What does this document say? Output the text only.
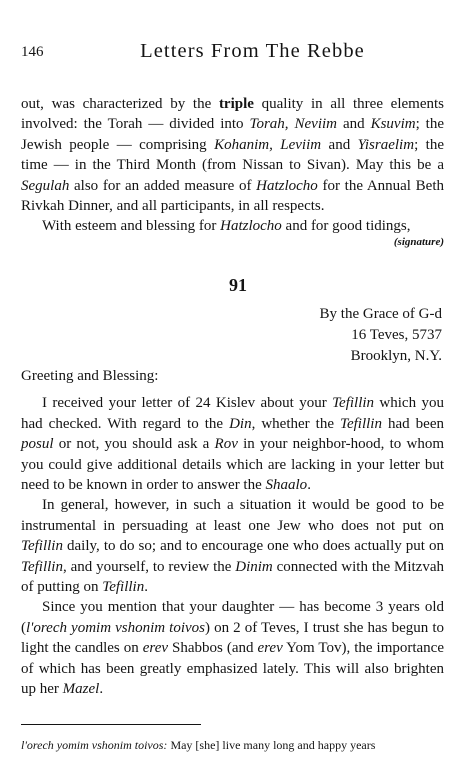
146	Letters From The Rebbe

out, was characterized by the triple quality in all three elements involved: the Torah — divided into Torah, Neviim and Ksuvim; the Jewish people — comprising Kohanim, Leviim and Yisraelim; the time — in the Third Month (from Nissan to Sivan). May this be a Segulah also for an added measure of Hatzlocho for the Annual Beth Rivkah Dinner, and all participants, in all respects.

With esteem and blessing for Hatzlocho and for good tidings,

(signature)
91
By the Grace of G-d
16 Teves, 5737
Brooklyn, N.Y.

Greeting and Blessing:

I received your letter of 24 Kislev about your Tefillin which you had checked. With regard to the Din, whether the Tefillin had been posul or not, you should ask a Rov in your neighbor-hood, to whom you could give additional details which are lacking in your letter but need to be known in order to answer the Shaalo.

In general, however, in such a situation it would be good to be instrumental in persuading at least one Jew who does not put on Tefillin daily, to do so; and to encourage one who does actually put on Tefillin, and yourself, to review the Dinim connected with the Mitzvah of putting on Tefillin.

Since you mention that your daughter — has become 3 years old (l'orech yomim vshonim toivos) on 2 of Teves, I trust she has begun to light the candles on erev Shabbos (and erev Yom Tov), the importance of which has been greatly emphasized lately. This will also brighten up her Mazel.

l'orech yomim vshonim toivos: May [she] live many long and happy years
